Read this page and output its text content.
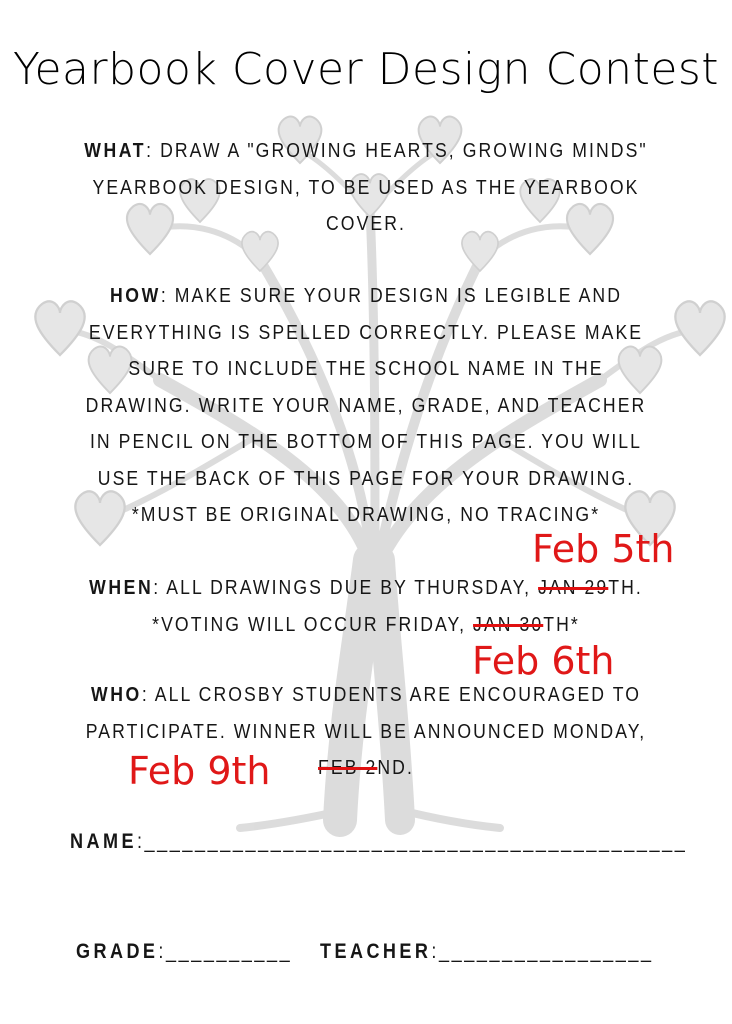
Yearbook Cover Design Contest
WHAT: DRAW A "GROWING HEARTS, GROWING MINDS" YEARBOOK DESIGN, TO BE USED AS THE YEARBOOK COVER.
HOW: MAKE SURE YOUR DESIGN IS LEGIBLE AND EVERYTHING IS SPELLED CORRECTLY. PLEASE MAKE SURE TO INCLUDE THE SCHOOL NAME IN THE DRAWING. WRITE YOUR NAME, GRADE, AND TEACHER IN PENCIL ON THE BOTTOM OF THIS PAGE. YOU WILL USE THE BACK OF THIS PAGE FOR YOUR DRAWING.
*MUST BE ORIGINAL DRAWING, NO TRACING*
WHEN: ALL DRAWINGS DUE BY THURSDAY, JAN 29TH.
*VOTING WILL OCCUR FRIDAY, JAN 30TH*
WHO: ALL CROSBY STUDENTS ARE ENCOURAGED TO PARTICIPATE. WINNER WILL BE ANNOUNCED MONDAY, FEB 2ND.
Feb 5th
Feb 6th
Feb 9th
NAME:___________________________________________
GRADE:__________ TEACHER:_________________
